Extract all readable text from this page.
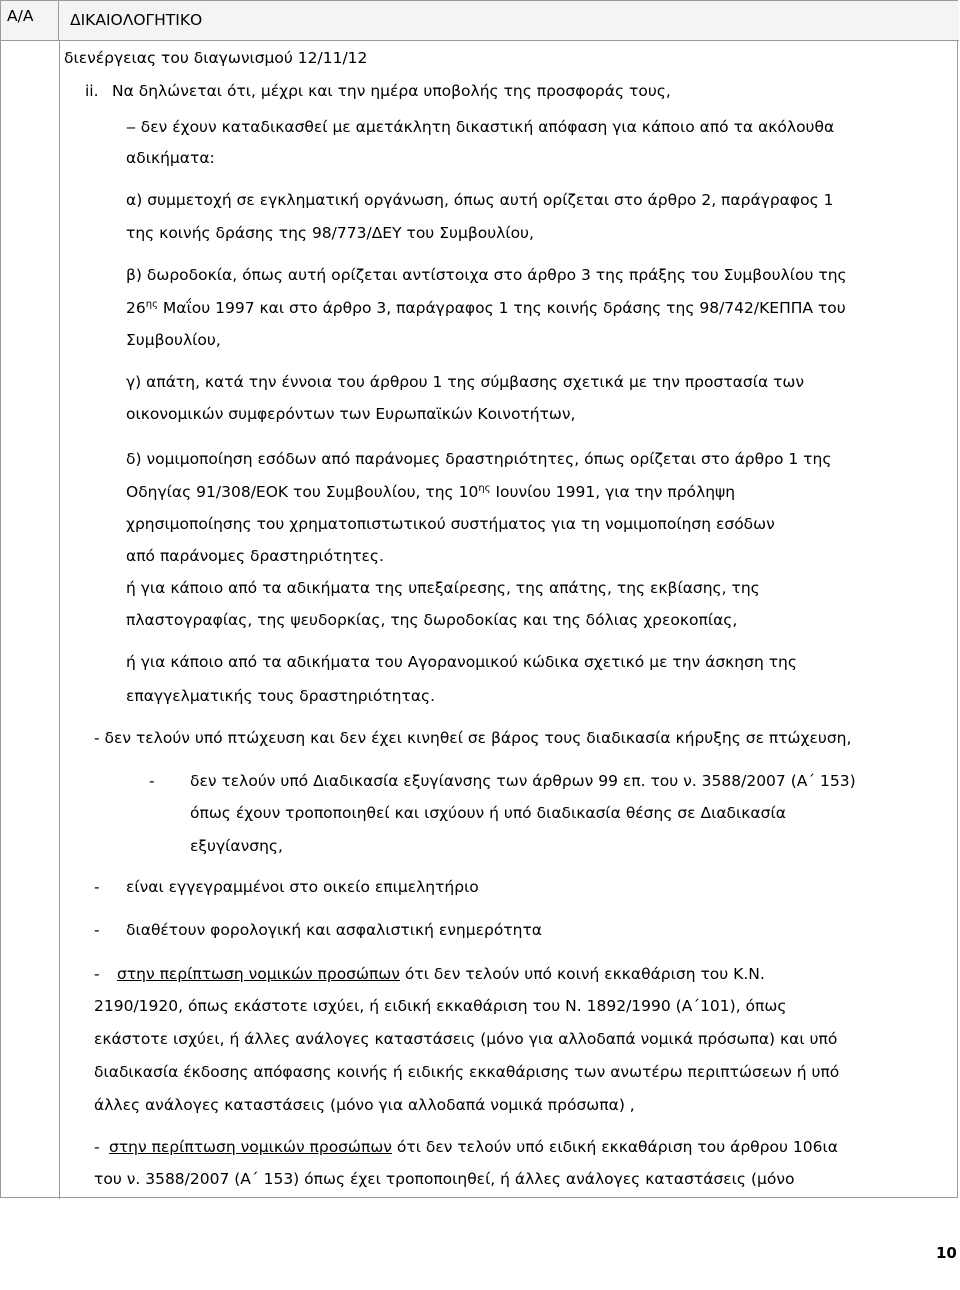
Α/Α	ΔΙΚΑΙΟΛΟΓΗΤΙΚΟ
διενέργειας του διαγωνισμού 12/11/12
ii. Να δηλώνεται ότι, μέχρι και την ημέρα υποβολής της προσφοράς τους,
‒ δεν έχουν καταδικασθεί με αμετάκλητη δικαστική απόφαση για κάποιο από τα ακόλουθα
αδικήματα:
α) συμμετοχή σε εγκληματική οργάνωση, όπως αυτή ορίζεται στο άρθρο 2, παράγραφος 1
της κοινής δράσης της 98/773/ΔΕΥ του Συμβουλίου,
β) δωροδοκία, όπως αυτή ορίζεται αντίστοιχα στο άρθρο 3 της πράξης του Συμβουλίου της
$26^{\eta\varsigma}$ Μαΐου 1997 και στο άρθρο 3, παράγραφος 1 της κοινής δράσης της 98/742/ΚΕΠΠΑ του
Συμβουλίου,
γ) απάτη, κατά την έννοια του άρθρου 1 της σύμβασης σχετικά με την προστασία των
οικονομικών συμφερόντων των Ευρωπαϊκών Κοινοτήτων,
δ) νομιμοποίηση εσόδων από παράνομες δραστηριότητες, όπως ορίζεται στο άρθρο 1 της
Οδηγίας 91/308/ΕΟΚ του Συμβουλίου, της $10^{\eta\varsigma}$ Ιουνίου 1991, για την πρόληψη
χρησιμοποίησης του χρηματοπιστωτικού συστήματος για τη νομιμοποίηση εσόδων
από παράνομες δραστηριότητες.
ή για κάποιο από τα αδικήματα της υπεξαίρεσης, της απάτης, της εκβίασης, της
πλαστογραφίας, της ψευδορκίας, της δωροδοκίας και της δόλιας χρεοκοπίας,
ή για κάποιο από τα αδικήματα του Αγορανομικού κώδικα σχετικό με την άσκηση της
επαγγελματικής τους δραστηριότητας.
- δεν τελούν υπό πτώχευση και δεν έχει κινηθεί σε βάρος τους διαδικασία κήρυξης σε πτώχευση,
- δεν τελούν υπό Διαδικασία εξυγίανσης των άρθρων 99 επ. του ν. 3588/2007 (Α΄ 153)
όπως έχουν τροποποιηθεί και ισχύουν ή υπό διαδικασία θέσης σε Διαδικασία
εξυγίανσης,
- είναι εγγεγραμμένοι στο οικείο επιμελητήριο
- διαθέτουν φορολογική και ασφαλιστική ενημερότητα
- στην περίπτωση νομικών προσώπων ότι δεν τελούν υπό κοινή εκκαθάριση του Κ.Ν.
2190/1920, όπως εκάστοτε ισχύει, ή ειδική εκκαθάριση του Ν. 1892/1990 (Α΄101), όπως
εκάστοτε ισχύει, ή άλλες ανάλογες καταστάσεις (μόνο για αλλοδαπά νομικά πρόσωπα) και υπό
διαδικασία έκδοσης απόφασης κοινής ή ειδικής εκκαθάρισης των ανωτέρω περιπτώσεων ή υπό
άλλες ανάλογες καταστάσεις (μόνο για αλλοδαπά νομικά πρόσωπα) ,
- στην περίπτωση νομικών προσώπων ότι δεν τελούν υπό ειδική εκκαθάριση του άρθρου 106ια
του ν. 3588/2007 (Α΄ 153) όπως έχει τροποποιηθεί, ή άλλες ανάλογες καταστάσεις (μόνο
10
